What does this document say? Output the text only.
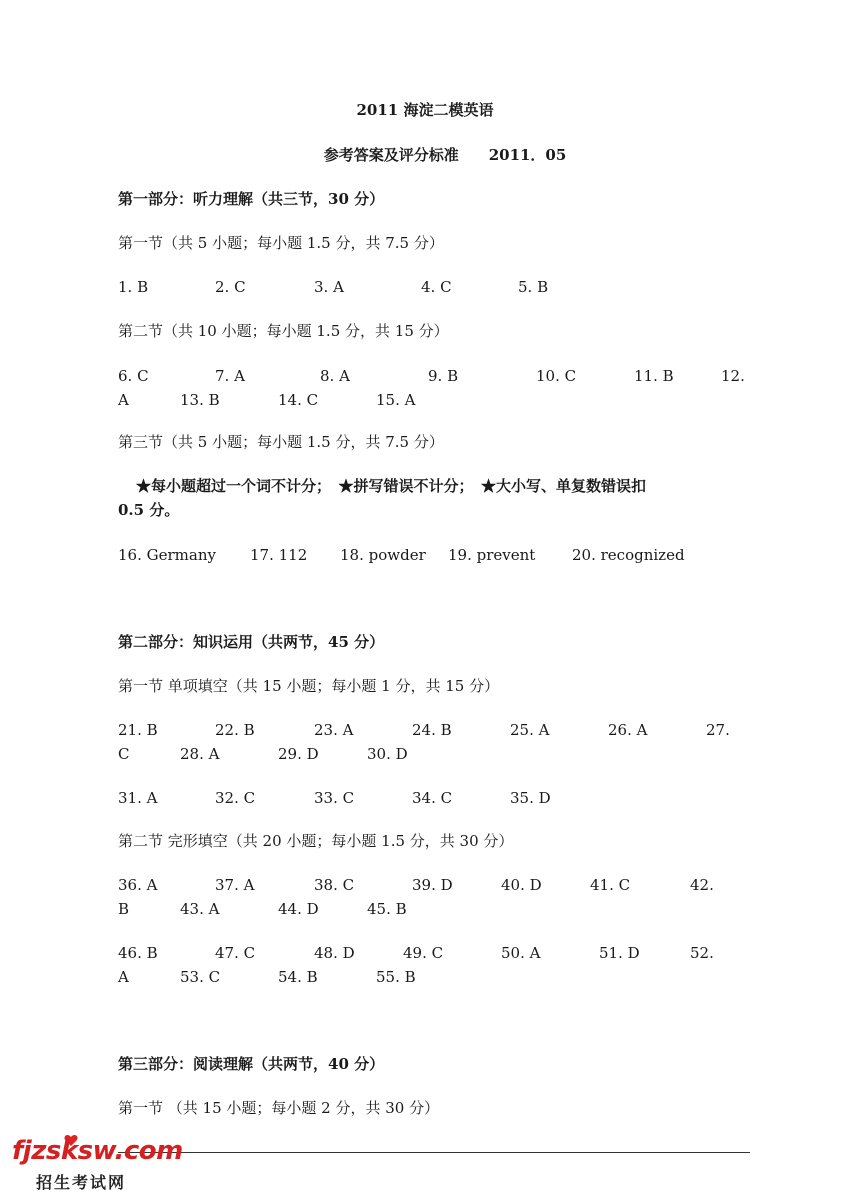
2011 海淀二模英语
参考答案及评分标准　　2011．05
第一部分：听力理解（共三节，30 分）
第一节（共 5 小题；每小题 1.5 分，共 7.5 分）
1. B	2. C	3. A	4. C	5. B
第二节（共 10 小题；每小题 1.5 分，共 15 分）
6. C	7. A	8. A	9. B	10. C	11. B	12.
A	13. B	14. C	15. A
第三节（共 5 小题；每小题 1.5 分，共 7.5 分）
★每小题超过一个词不计分；　★拼写错误不计分；　★大小写、单复数错误扣
0.5 分。
16. Germany 17. 112 18. powder 19. prevent 20. recognized
第二部分：知识运用（共两节，45 分）
第一节 单项填空（共 15 小题；每小题 1 分，共 15 分）
21. B	22. B	23. A	24. B	25. A	26. A	27.
C	28. A	29. D	30. D
31. A	32. C	33. C	34. C	35. D
第二节 完形填空（共 20 小题；每小题 1.5 分，共 30 分）
36. A	37. A	38. C	39. D	40. D	41. C	42.
B	43. A	44. D	45. B
46. B	47. C	48. D	49. C	50. A	51. D	52.
A	53. C	54. B	55. B
第三部分：阅读理解（共两节，40 分）
第一节 （共 15 小题；每小题 2 分，共 30 分）
fjzsksw.com
招生考试网
